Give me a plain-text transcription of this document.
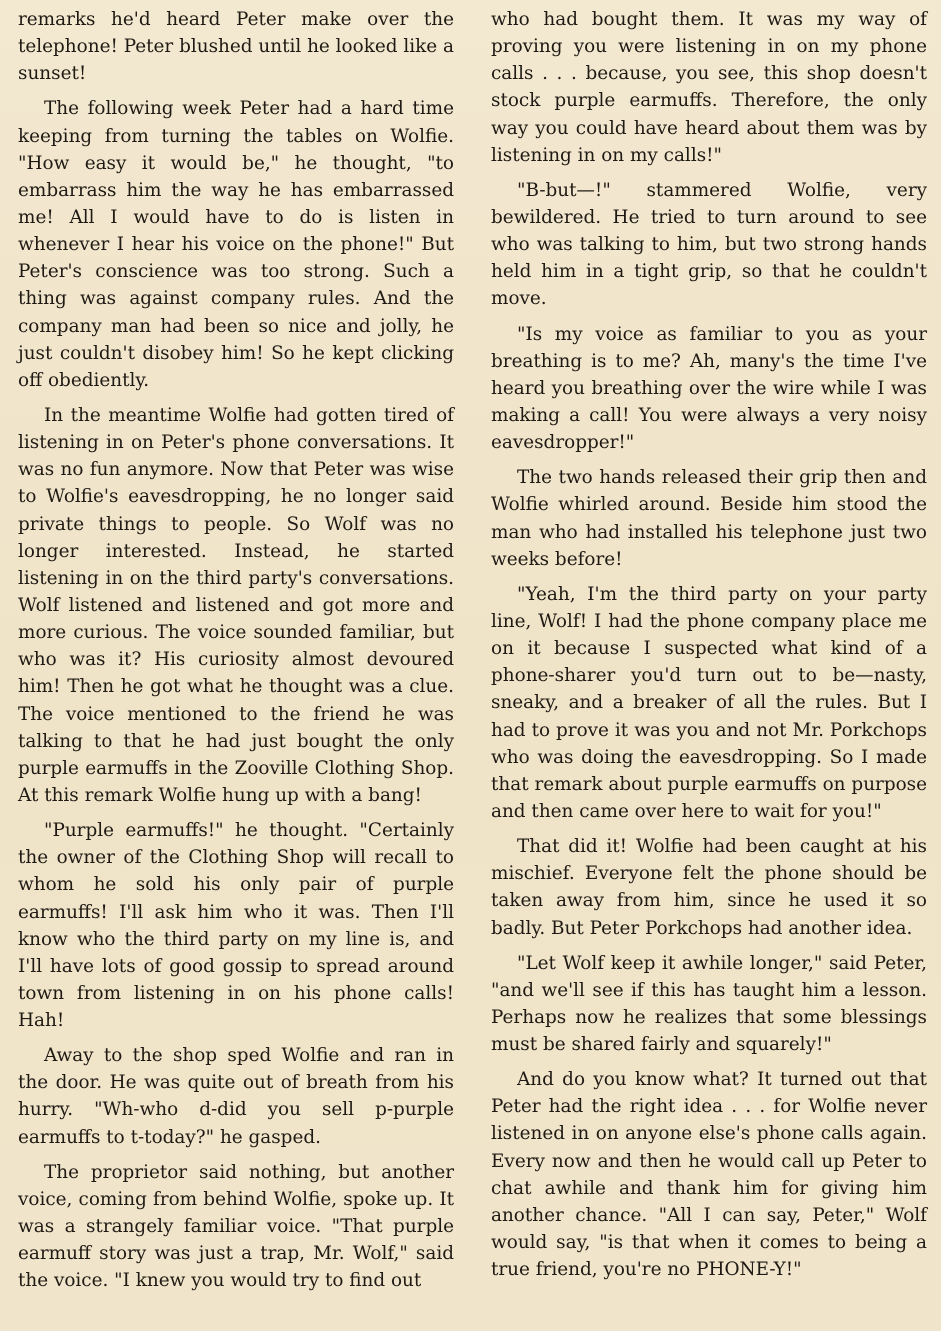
remarks he'd heard Peter make over the telephone! Peter blushed until he looked like a sunset!

The following week Peter had a hard time keeping from turning the tables on Wolfie. "How easy it would be," he thought, "to embarrass him the way he has embarrassed me! All I would have to do is listen in whenever I hear his voice on the phone!" But Peter's conscience was too strong. Such a thing was against company rules. And the company man had been so nice and jolly, he just couldn't disobey him! So he kept clicking off obediently.

In the meantime Wolfie had gotten tired of listening in on Peter's phone conversations. It was no fun anymore. Now that Peter was wise to Wolfie's eavesdropping, he no longer said private things to people. So Wolf was no longer interested. Instead, he started listening in on the third party's conversations. Wolf listened and listened and got more and more curious. The voice sounded familiar, but who was it? His curiosity almost devoured him! Then he got what he thought was a clue. The voice mentioned to the friend he was talking to that he had just bought the only purple earmuffs in the Zooville Clothing Shop. At this remark Wolfie hung up with a bang!

"Purple earmuffs!" he thought. "Certainly the owner of the Clothing Shop will recall to whom he sold his only pair of purple earmuffs! I'll ask him who it was. Then I'll know who the third party on my line is, and I'll have lots of good gossip to spread around town from listening in on his phone calls! Hah!

Away to the shop sped Wolfie and ran in the door. He was quite out of breath from his hurry. "Wh-who d-did you sell p-purple earmuffs to t-today?" he gasped.

The proprietor said nothing, but another voice, coming from behind Wolfie, spoke up. It was a strangely familiar voice. "That purple earmuff story was just a trap, Mr. Wolf," said the voice. "I knew you would try to find out

who had bought them. It was my way of proving you were listening in on my phone calls . . . because, you see, this shop doesn't stock purple earmuffs. Therefore, the only way you could have heard about them was by listening in on my calls!"

"B-but—!" stammered Wolfie, very bewildered. He tried to turn around to see who was talking to him, but two strong hands held him in a tight grip, so that he couldn't move.

"Is my voice as familiar to you as your breathing is to me? Ah, many's the time I've heard you breathing over the wire while I was making a call! You were always a very noisy eavesdropper!"

The two hands released their grip then and Wolfie whirled around. Beside him stood the man who had installed his telephone just two weeks before!

"Yeah, I'm the third party on your party line, Wolf! I had the phone company place me on it because I suspected what kind of a phone-sharer you'd turn out to be—nasty, sneaky, and a breaker of all the rules. But I had to prove it was you and not Mr. Porkchops who was doing the eavesdropping. So I made that remark about purple earmuffs on purpose and then came over here to wait for you!"

That did it! Wolfie had been caught at his mischief. Everyone felt the phone should be taken away from him, since he used it so badly. But Peter Porkchops had another idea.

"Let Wolf keep it awhile longer," said Peter, "and we'll see if this has taught him a lesson. Perhaps now he realizes that some blessings must be shared fairly and squarely!"

And do you know what? It turned out that Peter had the right idea . . . for Wolfie never listened in on anyone else's phone calls again. Every now and then he would call up Peter to chat awhile and thank him for giving him another chance. "All I can say, Peter," Wolf would say, "is that when it comes to being a true friend, you're no PHONE-Y!"
